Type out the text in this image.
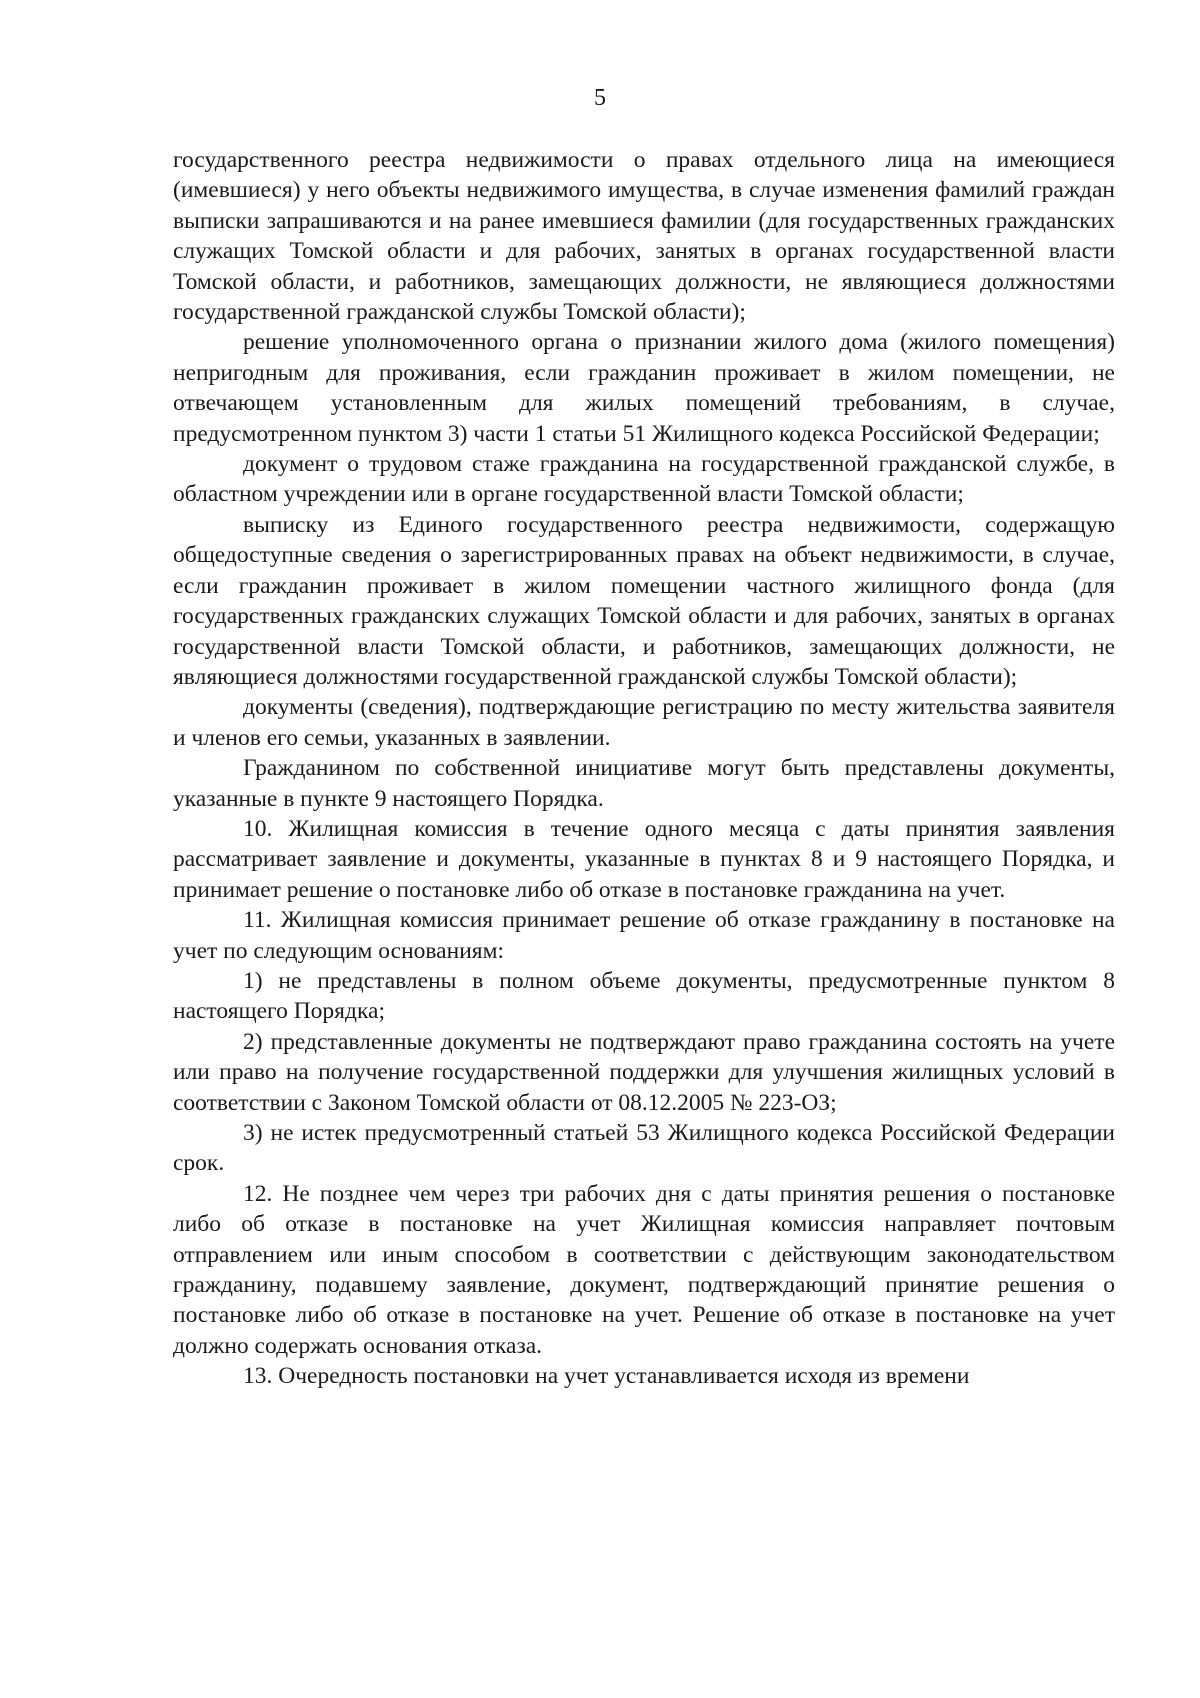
5

государственного реестра недвижимости о правах отдельного лица на имеющиеся (имевшиеся) у него объекты недвижимого имущества, в случае изменения фамилий граждан выписки запрашиваются и на ранее имевшиеся фамилии (для государственных гражданских служащих Томской области и для рабочих, занятых в органах государственной власти Томской области, и работников, замещающих должности, не являющиеся должностями государственной гражданской службы Томской области);

решение уполномоченного органа о признании жилого дома (жилого помещения) непригодным для проживания, если гражданин проживает в жилом помещении, не отвечающем установленным для жилых помещений требованиям, в случае, предусмотренном пунктом 3) части 1 статьи 51 Жилищного кодекса Российской Федерации;

документ о трудовом стаже гражданина на государственной гражданской службе, в областном учреждении или в органе государственной власти Томской области;

выписку из Единого государственного реестра недвижимости, содержащую общедоступные сведения о зарегистрированных правах на объект недвижимости, в случае, если гражданин проживает в жилом помещении частного жилищного фонда (для государственных гражданских служащих Томской области и для рабочих, занятых в органах государственной власти Томской области, и работников, замещающих должности, не являющиеся должностями государственной гражданской службы Томской области);

документы (сведения), подтверждающие регистрацию по месту жительства заявителя и членов его семьи, указанных в заявлении.

Гражданином по собственной инициативе могут быть представлены документы, указанные в пункте 9 настоящего Порядка.

10. Жилищная комиссия в течение одного месяца с даты принятия заявления рассматривает заявление и документы, указанные в пунктах 8 и 9 настоящего Порядка, и принимает решение о постановке либо об отказе в постановке гражданина на учет.

11. Жилищная комиссия принимает решение об отказе гражданину в постановке на учет по следующим основаниям:

1) не представлены в полном объеме документы, предусмотренные пунктом 8 настоящего Порядка;

2) представленные документы не подтверждают право гражданина состоять на учете или право на получение государственной поддержки для улучшения жилищных условий в соответствии с Законом Томской области от 08.12.2005 № 223-ОЗ;

3) не истек предусмотренный статьей 53 Жилищного кодекса Российской Федерации срок.

12. Не позднее чем через три рабочих дня с даты принятия решения о постановке либо об отказе в постановке на учет Жилищная комиссия направляет почтовым отправлением или иным способом в соответствии с действующим законодательством гражданину, подавшему заявление, документ, подтверждающий принятие решения о постановке либо об отказе в постановке на учет. Решение об отказе в постановке на учет должно содержать основания отказа.

13. Очередность постановки на учет устанавливается исходя из времени
